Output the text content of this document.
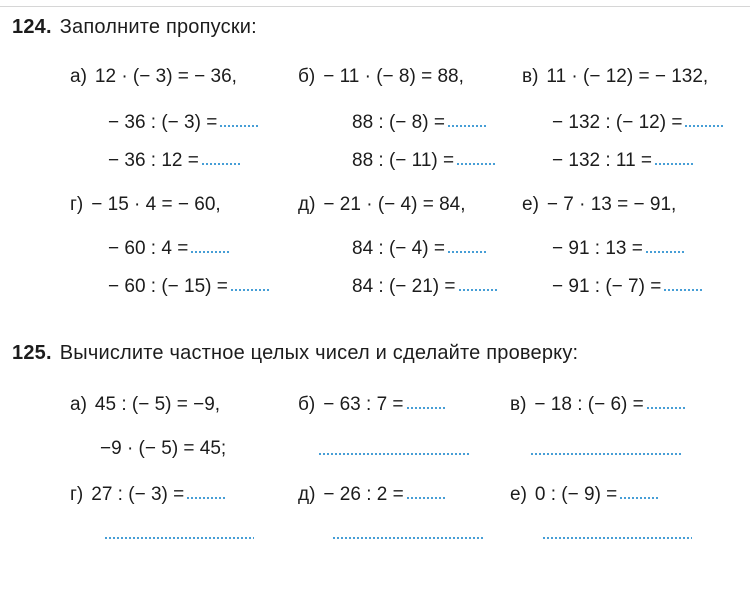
124. Заполните пропуски:
а) 12 · (− 3) = − 36,
− 36 : (− 3) =
− 36 : 12 =
б) − 11 · (− 8) = 88,
88 : (− 8) =
88 : (− 11) =
в) 11 · (− 12) = − 132,
− 132 : (− 12) =
− 132 : 11 =
г) − 15 · 4 = − 60,
− 60 : 4 =
− 60 : (− 15) =
д) − 21 · (− 4) = 84,
84 : (− 4) =
84 : (− 21) =
е) − 7 · 13 = − 91,
− 91 : 13 =
− 91 : (− 7) =
125. Вычислите частное целых чисел и сделайте проверку:
а) 45 : (− 5) = −9,
−9 · (− 5) = 45;
б) − 63 : 7 =	в) − 18 : (− 6) =
г) 27 : (− 3) =	д) − 26 : 2 =	е) 0 : (− 9) =
